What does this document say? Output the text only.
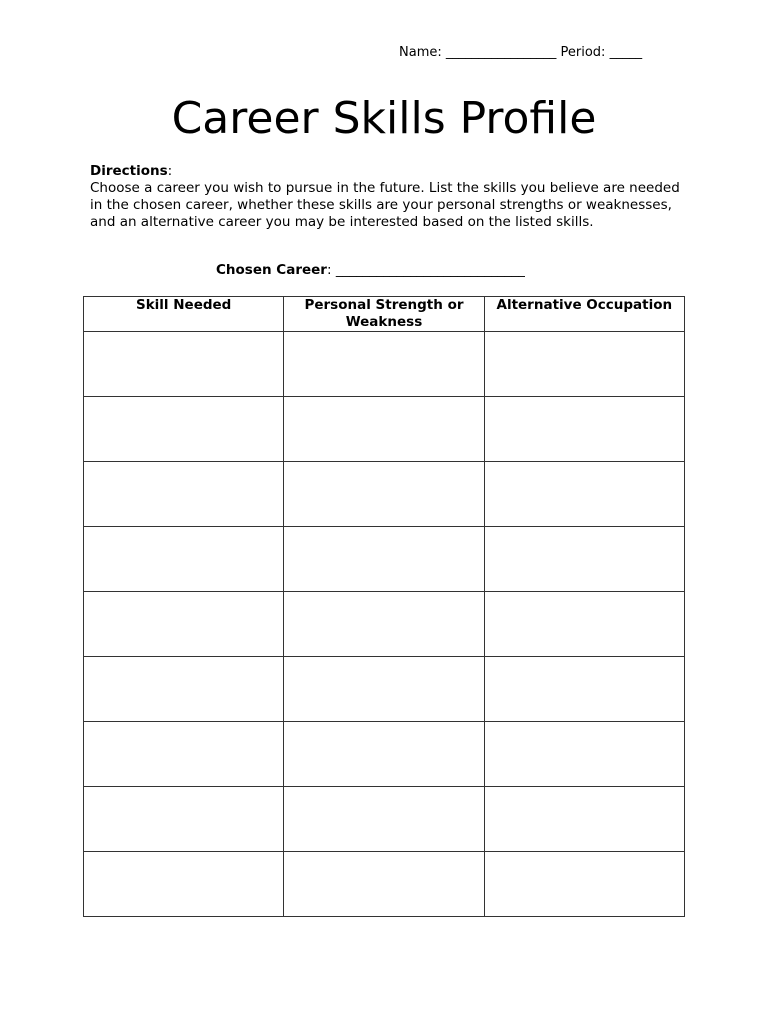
Name: _________________ Period: _____
Career Skills Profile
Directions:

Choose a career you wish to pursue in the future. List the skills you believe are needed in the chosen career, whether these skills are your personal strengths or weaknesses, and an alternative career you may be interested based on the listed skills.

Chosen Career: ____________________________
Skill Needed	Personal Strength or Weakness	Alternative Occupation
